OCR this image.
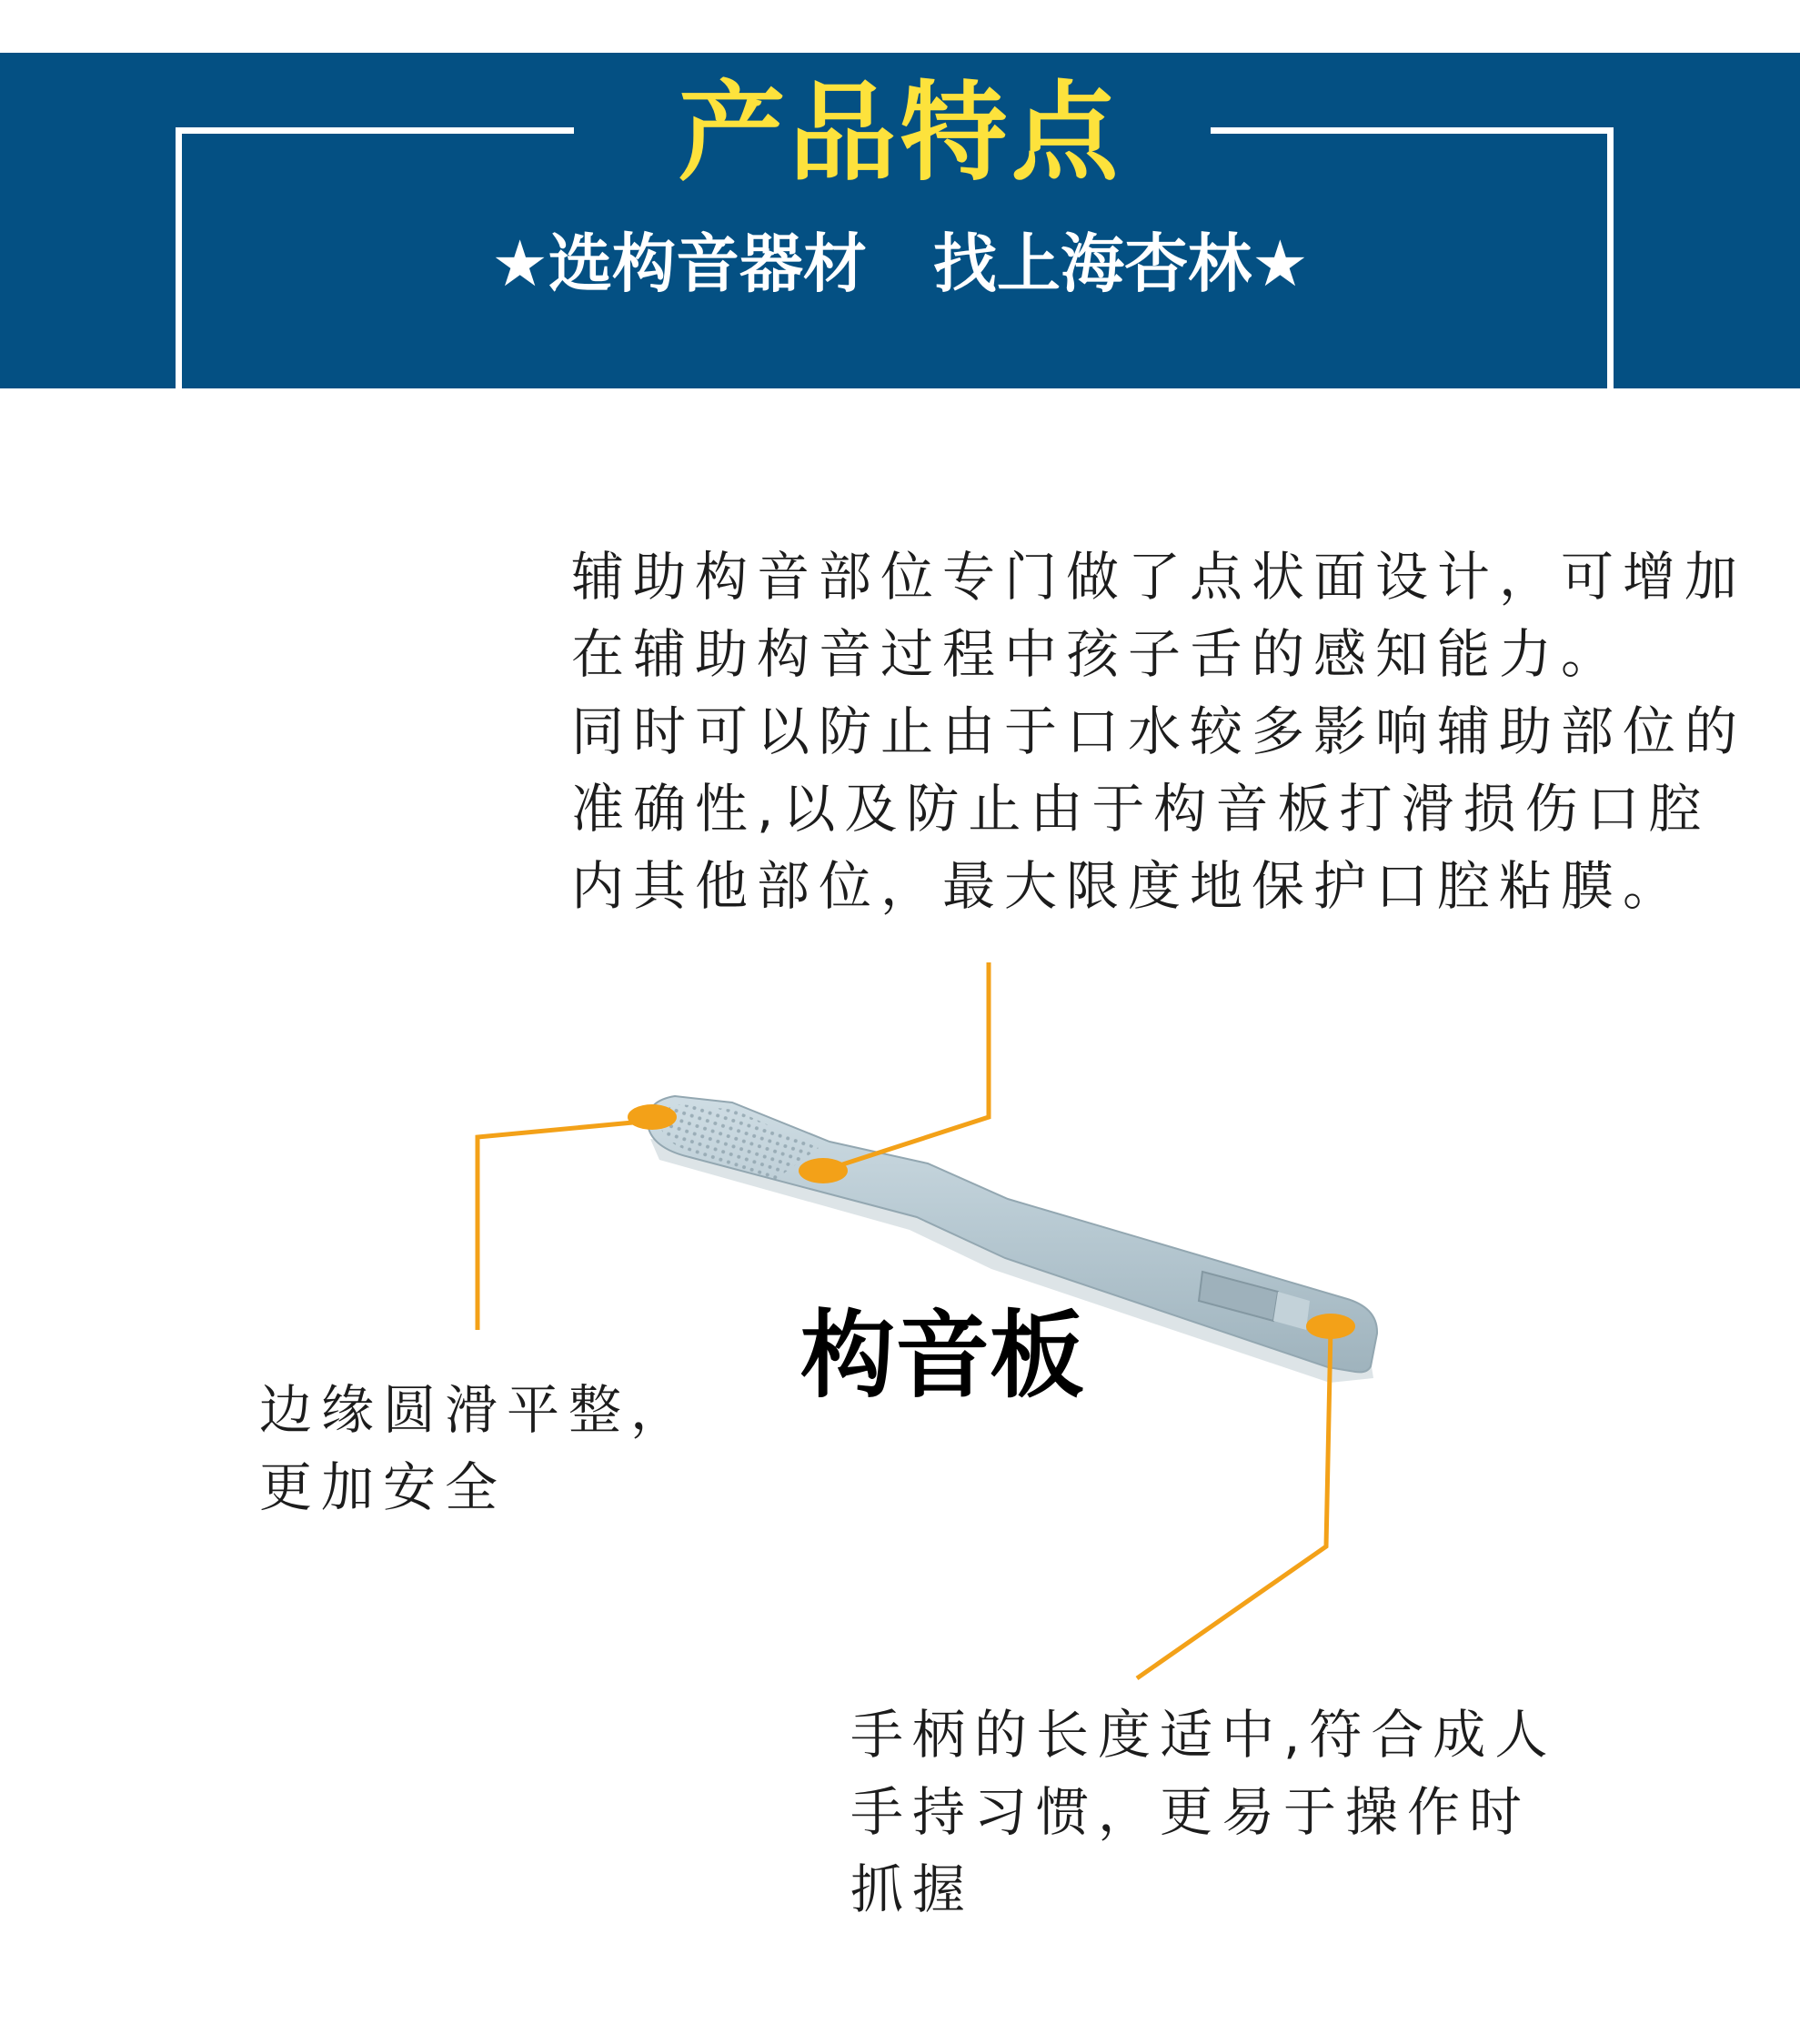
产品特点
★选构音器材   找上海杏林★

辅助构音部位专门做了点状面设计，可增加
在辅助构音过程中孩子舌的感知能力。
同时可以防止由于口水较多影响辅助部位的
准确性,以及防止由于构音板打滑损伤口腔
内其他部位，最大限度地保护口腔粘膜。

边缘圆滑平整，
更加安全

手柄的长度适中,符合成人
手持习惯，更易于操作时
抓握

构音板
